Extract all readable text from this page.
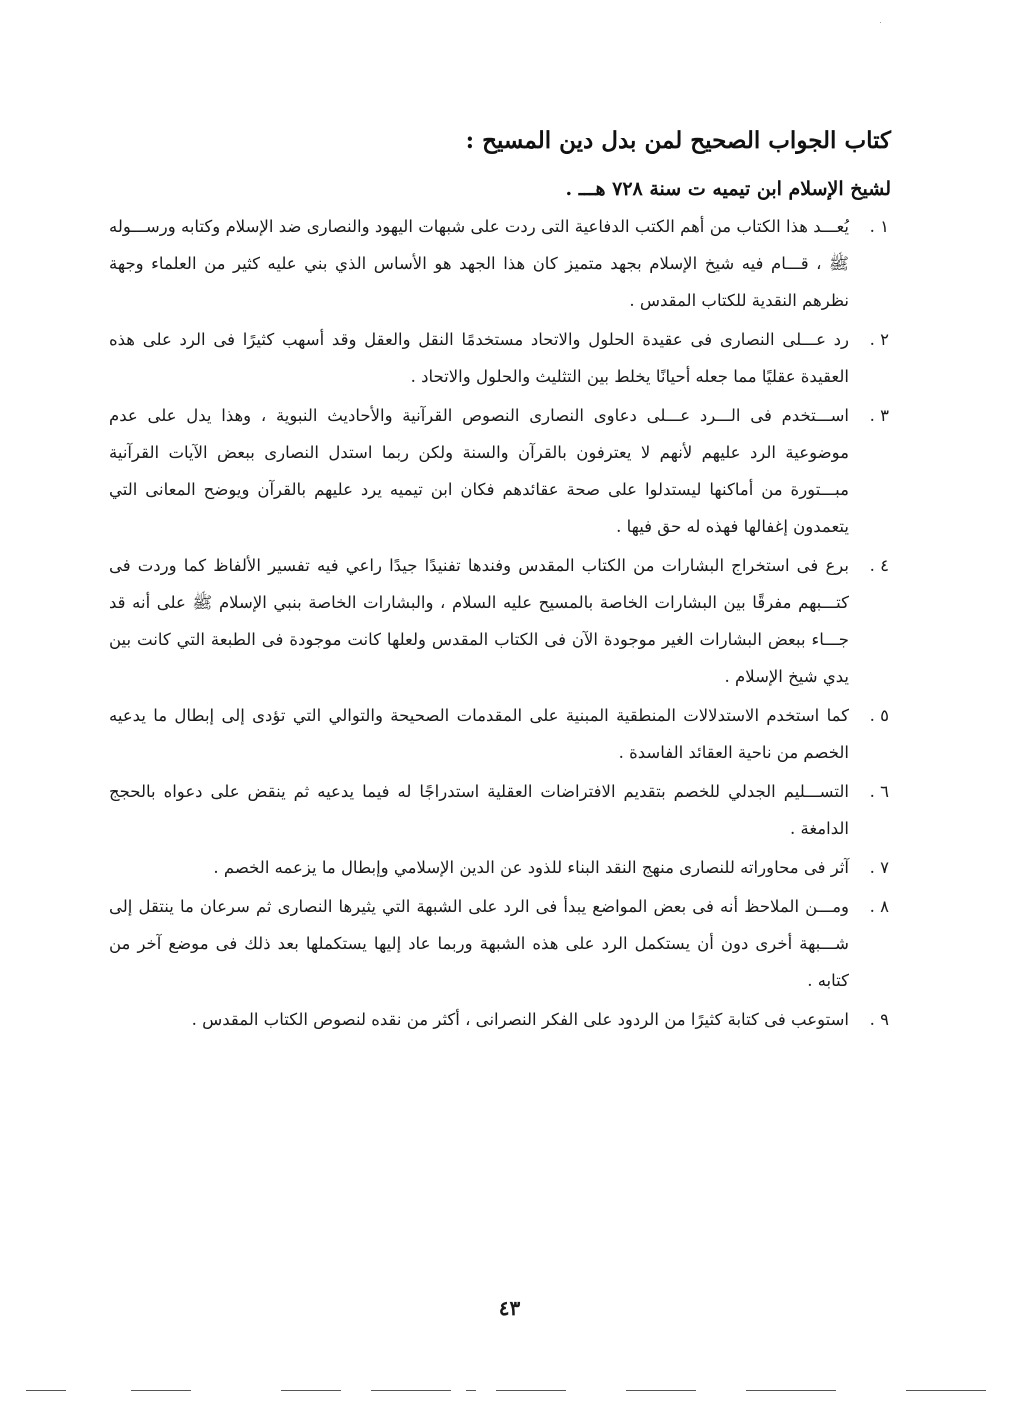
كتاب الجواب الصحيح لمن بدل دين المسيح :
لشيخ الإسلام ابن تيميه ت سنة ٧٢٨ هـــ .
١ .
يُعـــد هذا الكتاب من أهم الكتب الدفاعية التى ردت على شبهات اليهود والنصارى ضد الإسلام وكتابه ورســـوله ﷺ ، قـــام فيه شيخ الإسلام بجهد متميز كان هذا الجهد هو الأساس الذي بني عليه كثير من العلماء وجهة نظرهم النقدية للكتاب المقدس .
٢ .
رد عـــلى النصارى فى عقيدة الحلول والاتحاد مستخدمًا النقل والعقل وقد أسهب كثيرًا فى الرد على هذه العقيدة عقليًا مما جعله أحيانًا يخلط بين التثليث والحلول والاتحاد .
٣ .
اســـتخدم فى الـــرد عـــلى دعاوى النصارى النصوص القرآنية والأحاديث النبوية ، وهذا يدل على عدم موضوعية الرد عليهم لأنهم لا يعترفون بالقرآن والسنة ولكن ربما استدل النصارى ببعض الآيات القرآنية مبـــتورة من أماكنها ليستدلوا على صحة عقائدهم فكان ابن تيميه يرد عليهم بالقرآن ويوضح المعانى التي يتعمدون إغفالها فهذه له حق فيها .
٤ .
برع فى استخراج البشارات من الكتاب المقدس وفندها تفنيدًا جيدًا راعي فيه تفسير الألفاظ كما وردت فى كتـــبهم مفرقًا بين البشارات الخاصة بالمسيح عليه السلام ، والبشارات الخاصة بنبي الإسلام ﷺ على أنه قد جـــاء ببعض البشارات الغير موجودة الآن فى الكتاب المقدس ولعلها كانت موجودة فى الطبعة التي كانت بين يدي شيخ الإسلام .
٥ .
كما استخدم الاستدلالات المنطقية المبنية على المقدمات الصحيحة والتوالي التي تؤدى إلى إبطال ما يدعيه الخصم من ناحية العقائد الفاسدة .
٦ .
التســـليم الجدلي للخصم بتقديم الافتراضات العقلية استدراجًا له فيما يدعيه ثم ينقض على دعواه بالحجج الدامغة .
٧ .
آثر فى محاوراته للنصارى منهج النقد البناء للذود عن الدين الإسلامي وإبطال ما يزعمه الخصم .
٨ .
ومـــن الملاحظ أنه فى بعض المواضع يبدأ فى الرد على الشبهة التي يثيرها النصارى ثم سرعان ما ينتقل إلى شـــبهة أخرى دون أن يستكمل الرد على هذه الشبهة وربما عاد إليها يستكملها بعد ذلك فى موضع آخر من كتابه .
٩ .
استوعب فى كتابة كثيرًا من الردود على الفكر النصرانى ، أكثر من نقده لنصوص الكتاب المقدس .
٤٣
